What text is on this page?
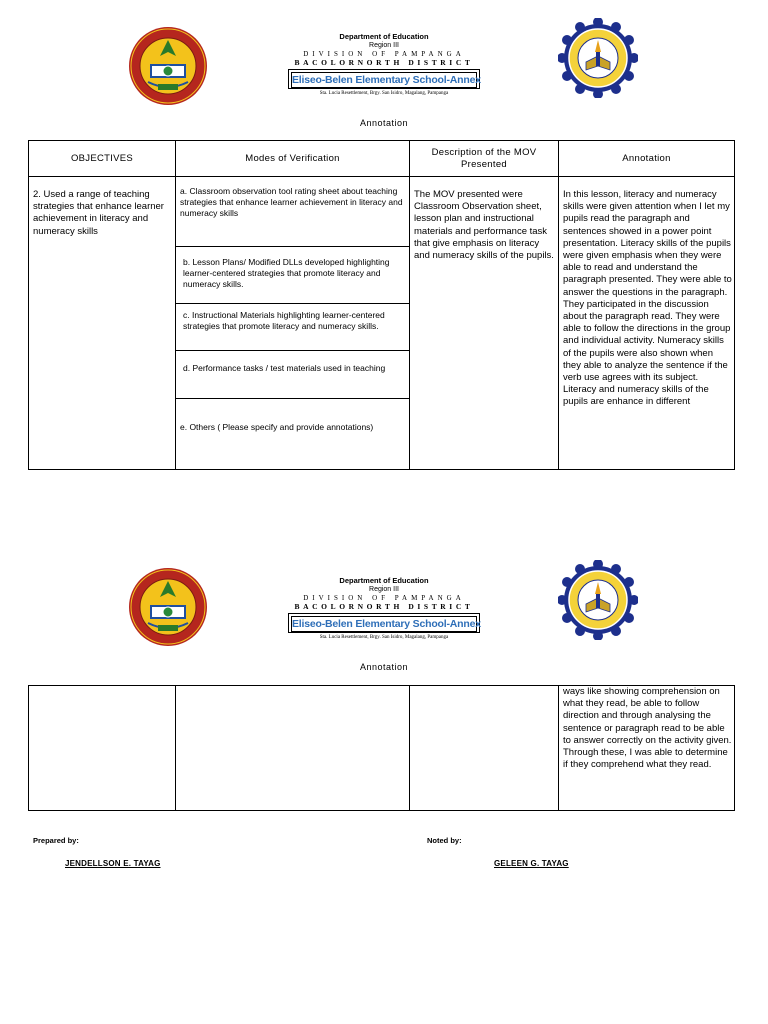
Department of Education
Region III
DIVISION OF PAMPANGA
BACOLORNORTH DISTRICT
Eliseo-Belen Elementary School-Annex
Sta. Lucia Resettlement, Brgy. San Isidro, Magalang, Pampanga
Annotation
OBJECTIVES	Modes of Verification
Description of the MOV Presented
Annotation
2. Used a range of teaching strategies that enhance learner achievement in literacy and numeracy skills
a. Classroom observation tool rating sheet about teaching strategies that enhance learner achievement in literacy and numeracy skills
b. Lesson Plans/ Modified DLLs developed highlighting learner-centered strategies that promote literacy and numeracy skills.
c. Instructional Materials highlighting learner-centered strategies that promote literacy and numeracy skills.
d. Performance tasks / test materials used in teaching
e. Others ( Please specify and provide annotations)
The MOV presented were Classroom Observation sheet, lesson plan and instructional materials and performance task that give emphasis on literacy and numeracy skills of the pupils.
In this lesson, literacy and numeracy skills were given attention when I let my pupils read the paragraph and sentences showed in a power point presentation. Literacy skills of the pupils were given emphasis when they were able to read and understand the paragraph presented. They were able to answer the questions in the paragraph. They participated in the discussion about the paragraph read. They were able to follow the directions in the group and individual activity. Numeracy skills of the pupils were also shown when they able to analyze the sentence if the verb use agrees with its subject. Literacy and numeracy skills of the pupils are enhance in different
Department of Education
Region III
DIVISION OF PAMPANGA
BACOLORNORTH DISTRICT
Eliseo-Belen Elementary School-Annex
Sta. Lucia Resettlement, Brgy. San Isidro, Magalang, Pampanga
Annotation
ways like showing comprehension on what they read, be able to follow direction and through analysing the sentence or paragraph read to be able to answer correctly on the activity given. Through these, I was able to determine if they comprehend what they read.
Prepared by:
JENDELLSON E. TAYAG
Noted by:
GELEEN G. TAYAG
